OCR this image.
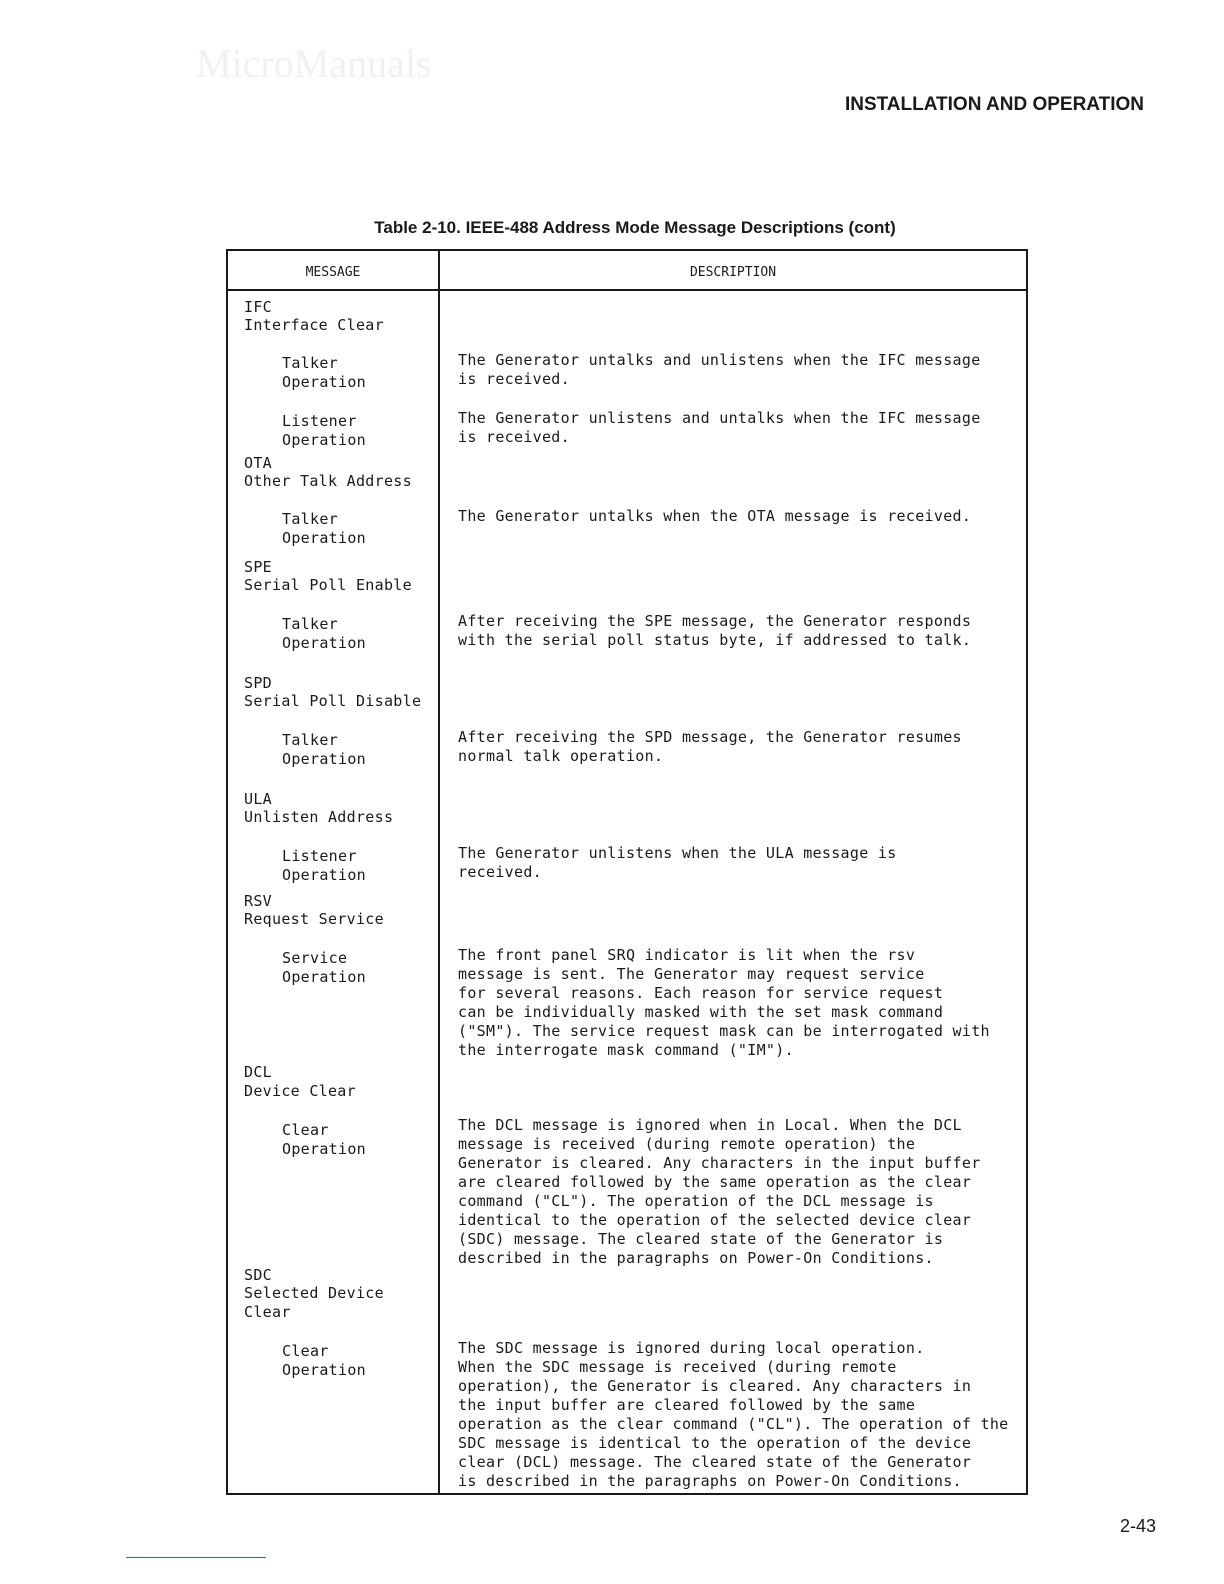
INSTALLATION AND OPERATION
MicroManuals
Table 2-10. IEEE-488 Address Mode Message Descriptions (cont)
MESSAGE	DESCRIPTION
IFC
Interface Clear
Talker
Operation
The Generator untalks and unlistens when the IFC message
is received.
Listener
Operation
The Generator unlistens and untalks when the IFC message
is received.
OTA
Other Talk Address
Talker
Operation
The Generator untalks when the OTA message is received.
SPE
Serial Poll Enable
Talker
Operation
After receiving the SPE message, the Generator responds
with the serial poll status byte, if addressed to talk.
SPD
Serial Poll Disable
Talker
Operation
After receiving the SPD message, the Generator resumes
normal talk operation.
ULA
Unlisten Address
Listener
Operation
The Generator unlistens when the ULA message is
received.
RSV
Request Service
Service
Operation
The front panel SRQ indicator is lit when the rsv
message is sent. The Generator may request service
for several reasons. Each reason for service request
can be individually masked with the set mask command
("SM"). The service request mask can be interrogated with
the interrogate mask command ("IM").
DCL
Device Clear
Clear
Operation
The DCL message is ignored when in Local. When the DCL
message is received (during remote operation) the
Generator is cleared. Any characters in the input buffer
are cleared followed by the same operation as the clear
command ("CL"). The operation of the DCL message is
identical to the operation of the selected device clear
(SDC) message. The cleared state of the Generator is
described in the paragraphs on Power-On Conditions.
SDC
Selected Device
Clear
Clear
Operation
The SDC message is ignored during local operation.
When the SDC message is received (during remote
operation), the Generator is cleared. Any characters in
the input buffer are cleared followed by the same
operation as the clear command ("CL"). The operation of the
SDC message is identical to the operation of the device
clear (DCL) message. The cleared state of the Generator
is described in the paragraphs on Power-On Conditions.
2-43
